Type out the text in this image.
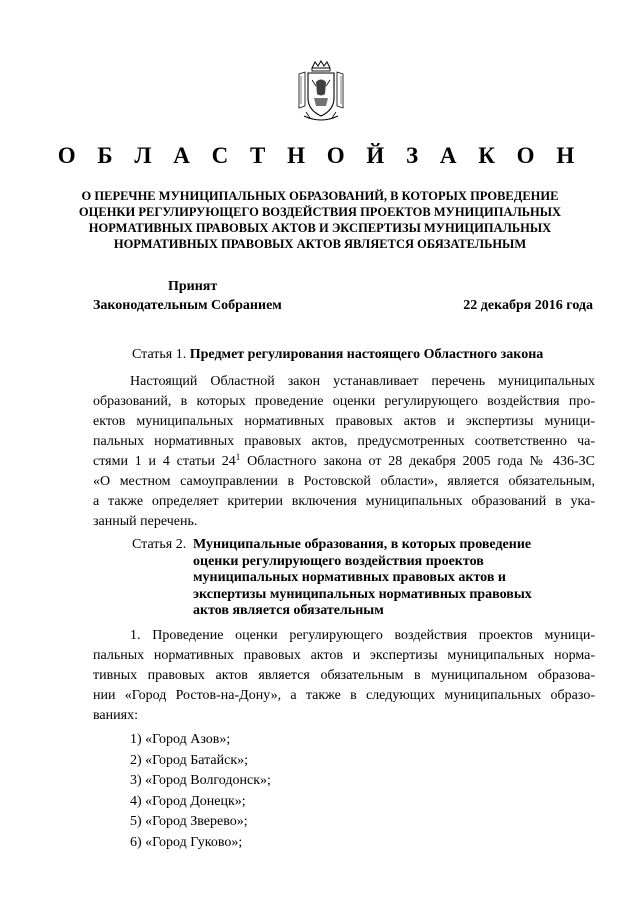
О Б Л А С Т Н О Й З А К О Н
О ПЕРЕЧНЕ МУНИЦИПАЛЬНЫХ ОБРАЗОВАНИЙ, В КОТОРЫХ ПРОВЕДЕНИЕ
ОЦЕНКИ РЕГУЛИРУЮЩЕГО ВОЗДЕЙСТВИЯ ПРОЕКТОВ МУНИЦИПАЛЬНЫХ
НОРМАТИВНЫХ ПРАВОВЫХ АКТОВ И ЭКСПЕРТИЗЫ МУНИЦИПАЛЬНЫХ
НОРМАТИВНЫХ ПРАВОВЫХ АКТОВ ЯВЛЯЕТСЯ ОБЯЗАТЕЛЬНЫМ
Принят
Законодательным Собранием	22 декабря 2016 года
Статья 1. Предмет регулирования настоящего Областного закона
Настоящий Областной закон устанавливает перечень муниципальных
образований, в которых проведение оценки регулирующего воздействия про-
ектов муниципальных нормативных правовых актов и экспертизы муници-
пальных нормативных правовых актов, предусмотренных соответственно ча-
стями 1 и 4 статьи $24^1$ Областного закона от 28 декабря 2005 года № 436-ЗС
«О местном самоуправлении в Ростовской области», является обязательным,
а также определяет критерии включения муниципальных образований в ука-
занный перечень.
Статья 2. Муниципальные образования, в которых проведение
оценки регулирующего воздействия проектов
муниципальных нормативных правовых актов и
экспертизы муниципальных нормативных правовых
актов является обязательным
1. Проведение оценки регулирующего воздействия проектов муници-
пальных нормативных правовых актов и экспертизы муниципальных норма-
тивных правовых актов является обязательным в муниципальном образова-
нии «Город Ростов-на-Дону», а также в следующих муниципальных образо-
ваниях:
1) «Город Азов»;
2) «Город Батайск»;
3) «Город Волгодонск»;
4) «Город Донецк»;
5) «Город Зверево»;
6) «Город Гуково»;
